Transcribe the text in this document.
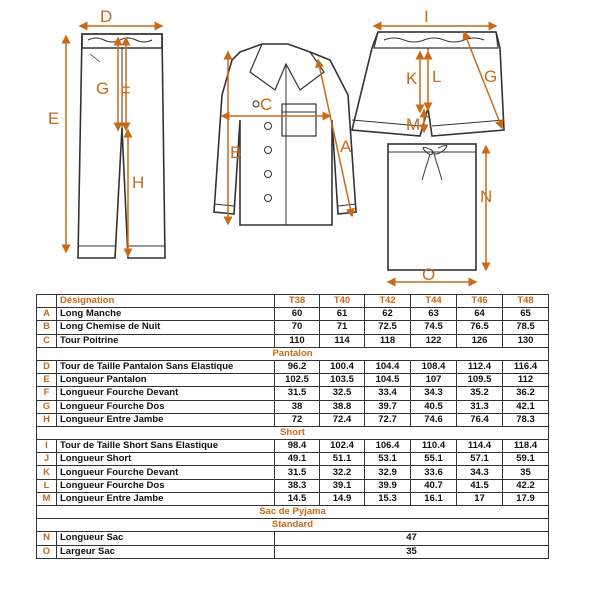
D
E
G F
H
C
B	A
I
L
K	G
M
N
O
	Désignation	T38	T40	T42	T44	T46	T48
A	Long Manche	60	61	62	63	64	65
B	Long Chemise de Nuit	70	71	72.5	74.5	76.5	78.5
C	Tour Poitrine	110	114	118	122	126	130
Pantalon							
D	Tour de Taille Pantalon Sans Elastique	96.2	100.4	104.4	108.4	112.4	116.4
E	Longueur Pantalon	102.5	103.5	104.5	107	109.5	112
F	Longueur Fourche Devant	31.5	32.5	33.4	34.3	35.2	36.2
G	Longueur Fourche Dos	38	38.8	39.7	40.5	31.3	42.1
H	Longueur Entre Jambe	72	72.4	72.7	74.6	76.4	78.3
Short							
I	Tour de Taille Short Sans Elastique	98.4	102.4	106.4	110.4	114.4	118.4
J	Longueur Short	49.1	51.1	53.1	55.1	57.1	59.1
K	Longueur Fourche Devant	31.5	32.2	32.9	33.6	34.3	35
L	Longueur Fourche Dos	38.3	39.1	39.9	40.7	41.5	42.2
M	Longueur Entre Jambe	14.5	14.9	15.3	16.1	17	17.9
Sac de Pyjama							
Standard							
N	Longueur Sac	47					
O	Largeur Sac	35					
